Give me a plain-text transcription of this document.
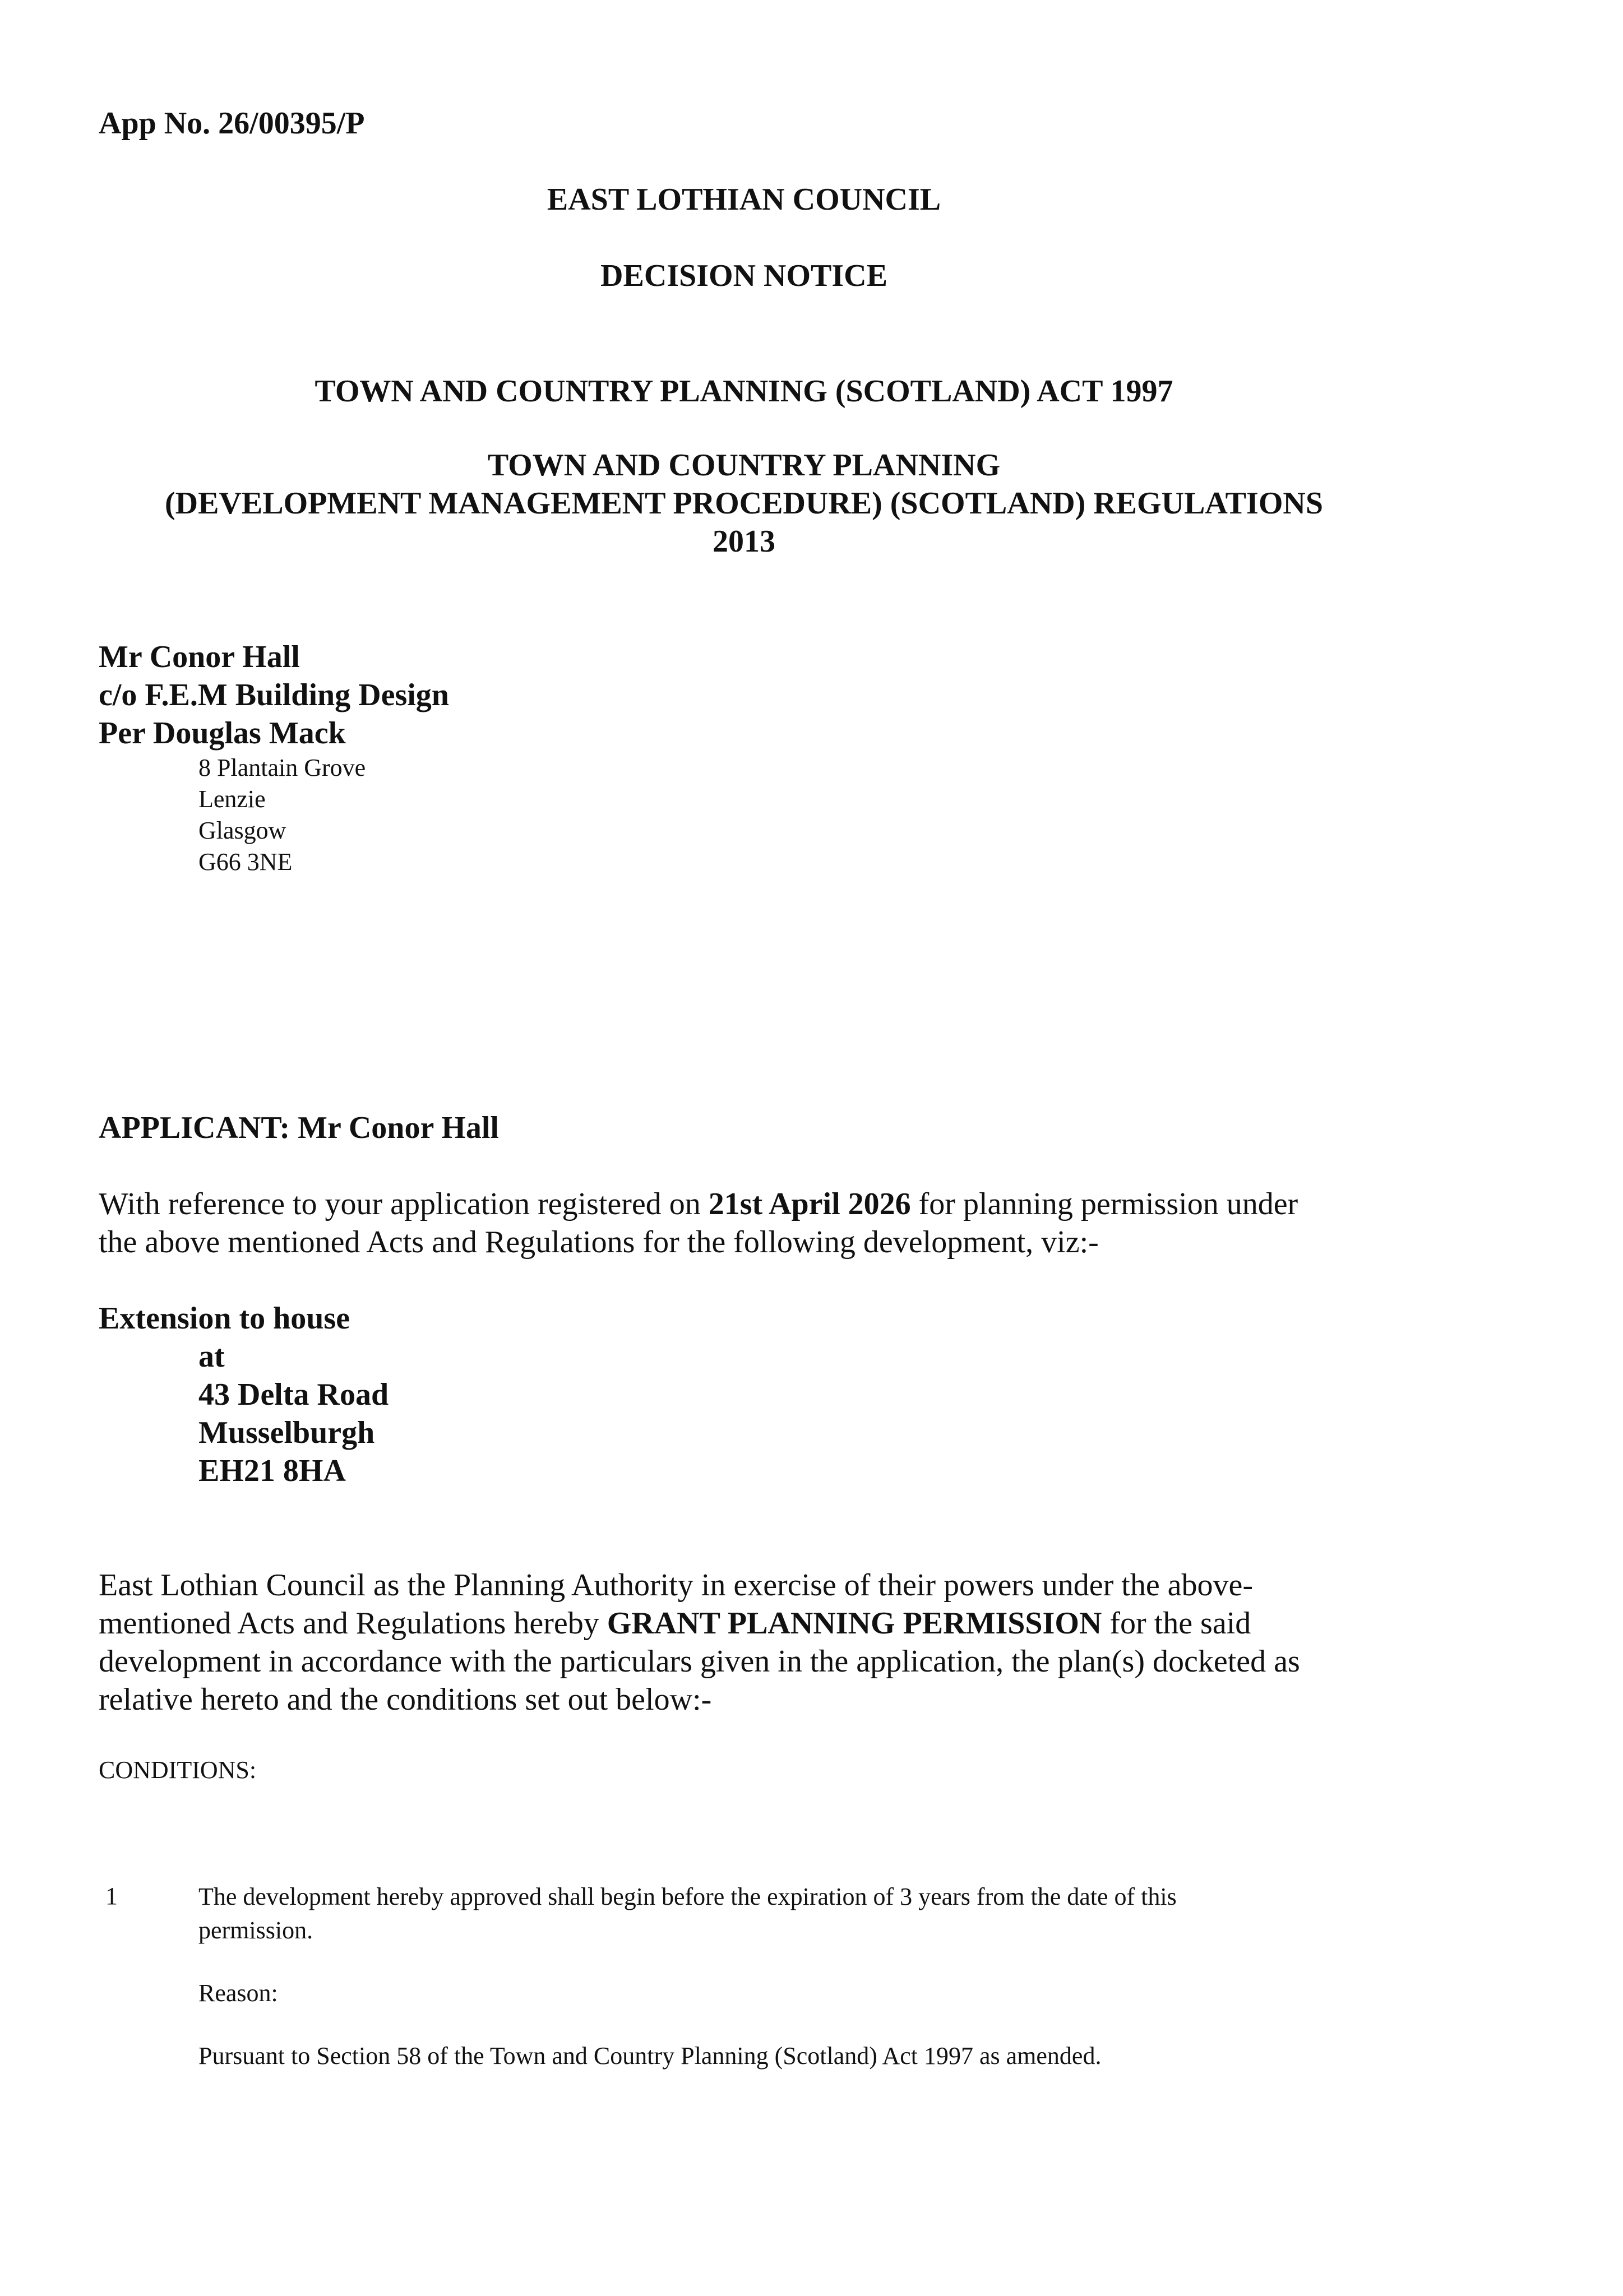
App No. 26/00395/P
EAST LOTHIAN COUNCIL
DECISION NOTICE
TOWN AND COUNTRY PLANNING (SCOTLAND) ACT 1997
TOWN AND COUNTRY PLANNING
(DEVELOPMENT MANAGEMENT PROCEDURE) (SCOTLAND) REGULATIONS
2013
Mr Conor Hall
c/o F.E.M Building Design
Per Douglas Mack
8 Plantain Grove
Lenzie
Glasgow
G66 3NE
APPLICANT: Mr Conor Hall
With reference to your application registered on 21st April 2026 for planning permission under
the above mentioned Acts and Regulations for the following development, viz:-
Extension to house
at
43 Delta Road
Musselburgh
EH21 8HA
East Lothian Council as the Planning Authority in exercise of their powers under the above-
mentioned Acts and Regulations hereby GRANT PLANNING PERMISSION for the said
development in accordance with the particulars given in the application, the plan(s) docketed as
relative hereto and the conditions set out below:-
CONDITIONS:
1	The development hereby approved shall begin before the expiration of 3 years from the date of this
permission.
Reason:
Pursuant to Section 58 of the Town and Country Planning (Scotland) Act 1997 as amended.
